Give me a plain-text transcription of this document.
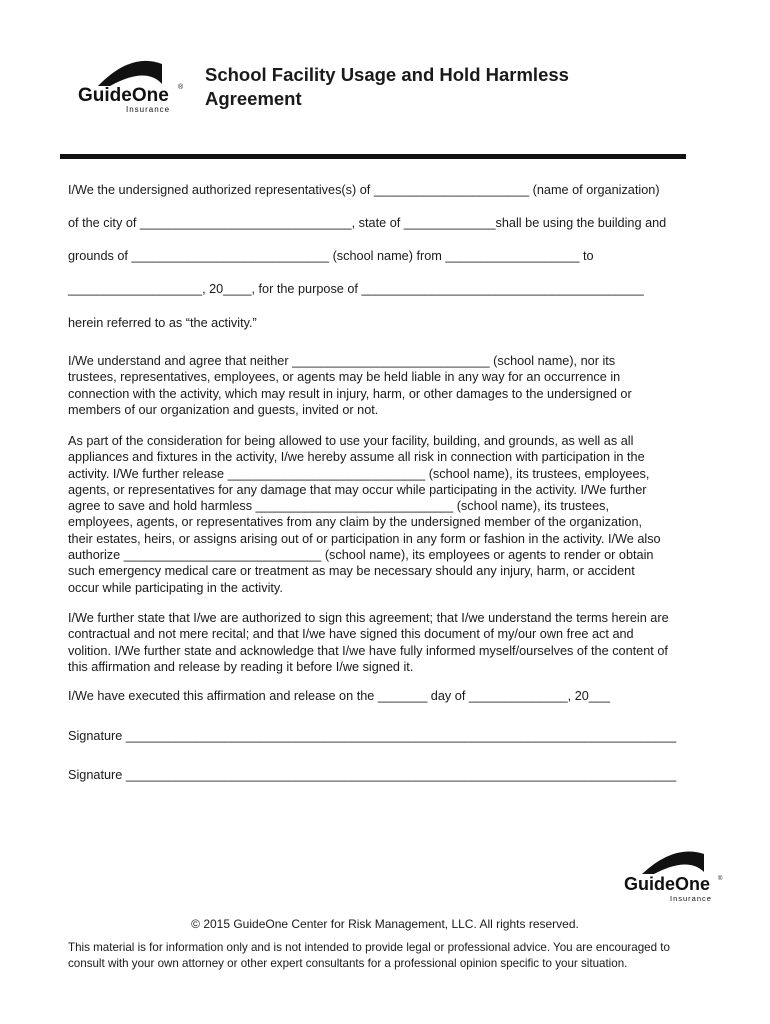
GuideOne ®
Insurance
School Facility Usage and Hold Harmless Agreement
I/We the undersigned authorized representatives(s) of ______________________ (name of organization)
of the city of ______________________________, state of _____________shall be using the building and
grounds of ____________________________ (school name) from ___________________ to
___________________, 20____, for the purpose of ________________________________________
herein referred to as “the activity.”
I/We understand and agree that neither ____________________________ (school name), nor its
trustees, representatives, employees, or agents may be held liable in any way for an occurrence in
connection with the activity, which may result in injury, harm, or other damages to the undersigned or
members of our organization and guests, invited or not.
As part of the consideration for being allowed to use your facility, building, and grounds, as well as all
appliances and fixtures in the activity, I/we hereby assume all risk in connection with participation in the
activity. I/We further release ____________________________ (school name), its trustees, employees,
agents, or representatives for any damage that may occur while participating in the activity. I/We further
agree to save and hold harmless ____________________________ (school name), its trustees,
employees, agents, or representatives from any claim by the undersigned member of the organization,
their estates, heirs, or assigns arising out of or participation in any form or fashion in the activity. I/We also
authorize ____________________________ (school name), its employees or agents to render or obtain
such emergency medical care or treatment as may be necessary should any injury, harm, or accident
occur while participating in the activity.
I/We further state that I/we are authorized to sign this agreement; that I/we understand the terms herein are
contractual and not mere recital; and that I/we have signed this document of my/our own free act and
volition. I/We further state and acknowledge that I/we have fully informed myself/ourselves of the content of
this affirmation and release by reading it before I/we signed it.
I/We have executed this affirmation and release on the _______ day of ______________, 20___
Signature ______________________________________________________________________________
Signature ______________________________________________________________________________
GuideOne ®
Insurance
© 2015 GuideOne Center for Risk Management, LLC. All rights reserved.
This material is for information only and is not intended to provide legal or professional advice. You are encouraged to
consult with your own attorney or other expert consultants for a professional opinion specific to your situation.
